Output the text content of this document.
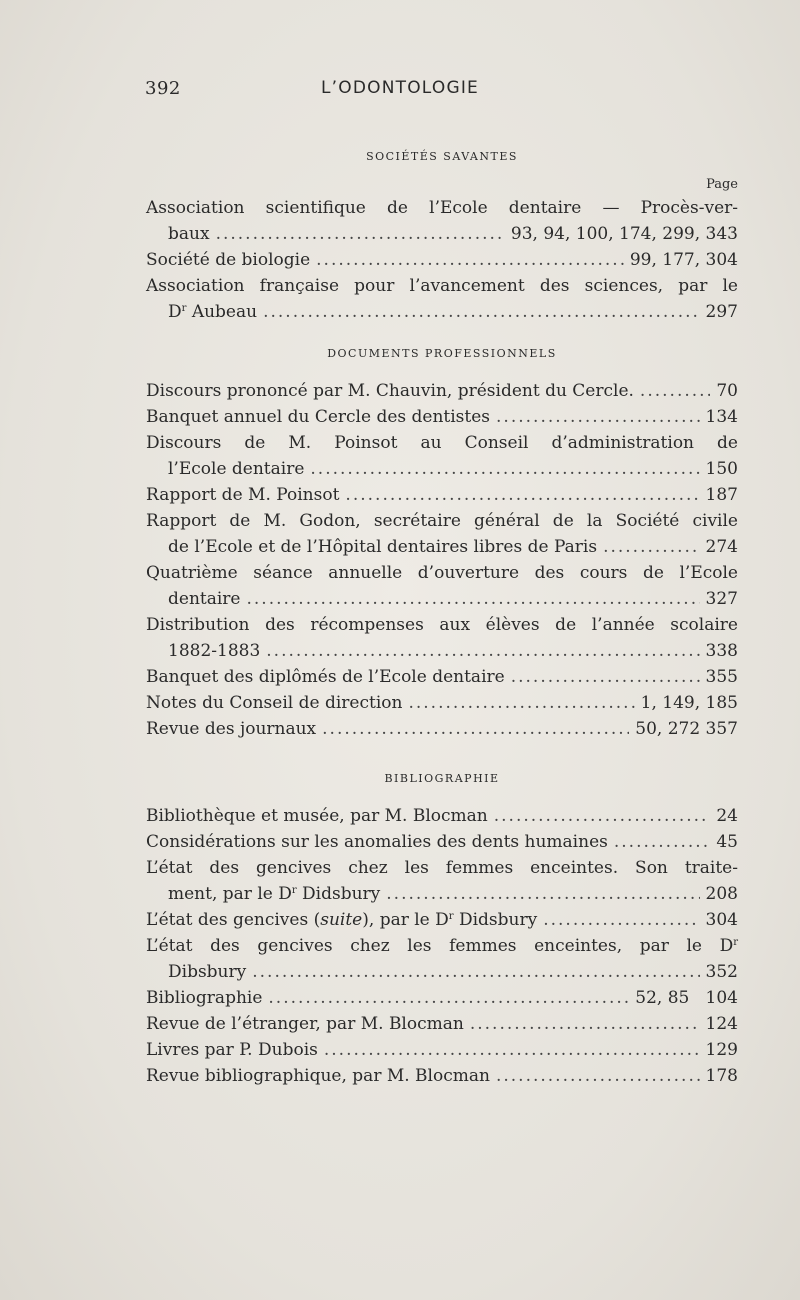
392	L’ODONTOLOGIE

SOCIÉTÉS SAVANTES

Page

Association scientifique de l’Ecole dentaire — Procès-ver-
baux .....	93, 94, 100, 174, 299, 343
Société de biologie .....	99, 177, 304
Association française pour l’avancement des sciences, par le
$D^r$ Aubeau .....	297

DOCUMENTS PROFESSIONNELS

Discours prononcé par M. Chauvin, président du Cercle. .....	70
Banquet annuel du Cercle des dentistes .....	134
Discours de M. Poinsot au Conseil d’administration de
l’Ecole dentaire .....	150
Rapport de M. Poinsot .....	187
Rapport de M. Godon, secrétaire général de la Société civile
de l’Ecole et de l’Hôpital dentaires libres de Paris .....	274
Quatrième séance annuelle d’ouverture des cours de l’Ecole
dentaire .....	327
Distribution des récompenses aux élèves de l’année scolaire
1882-1883 .....	338
Banquet des diplômés de l’Ecole dentaire .....	355
Notes du Conseil de direction .....	1, 149, 185
Revue des journaux .....	50, 272 357

BIBLIOGRAPHIE

Bibliothèque et musée, par M. Blocman .....	24
Considérations sur les anomalies des dents humaines .....	45
L’état des gencives chez les femmes enceintes. Son traite-
ment, par le $D^r$ Didsbury .....	208
L’état des gencives (suite), par le $D^r$ Didsbury .....	304
L’état des gencives chez les femmes enceintes, par le $D^r$
Dibsbury .....	352
Bibliographie .....	52, 85   104
Revue de l’étranger, par M. Blocman .....	124
Livres par P. Dubois .....	129
Revue bibliographique, par M. Blocman .....	178
